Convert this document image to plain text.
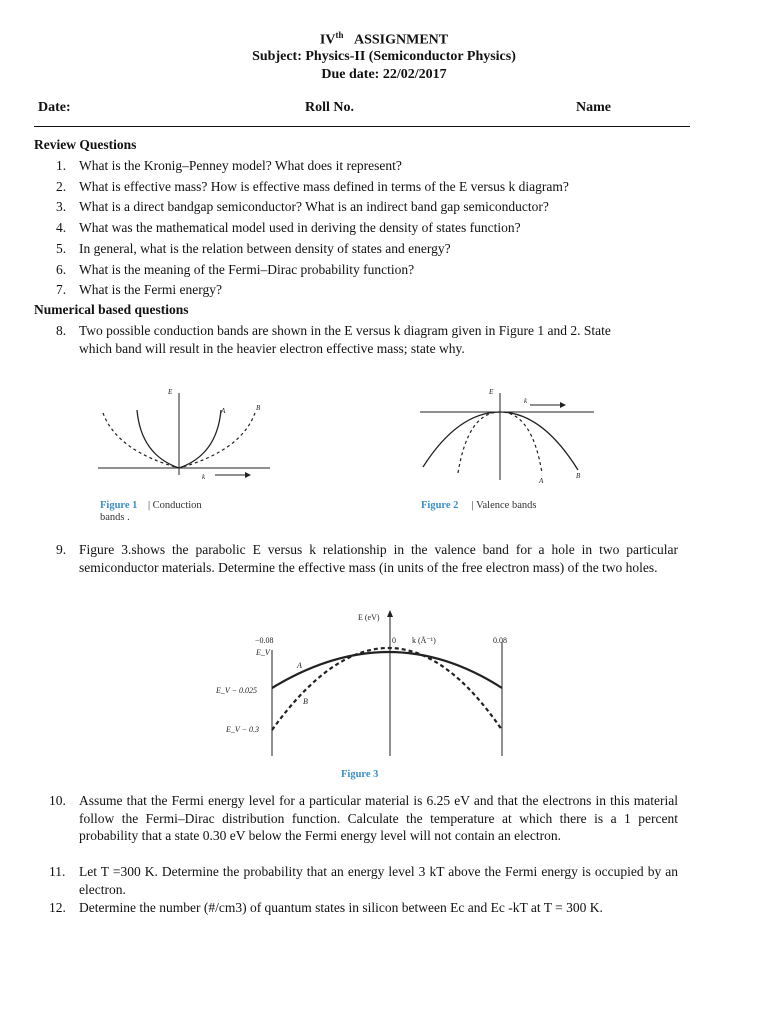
IVth ASSIGNMENT
Subject: Physics-II (Semiconductor Physics)
Due date: 22/02/2017
Date:	Roll No.	Name
Review Questions
1. What is the Kronig–Penney model? What does it represent?
2. What is effective mass? How is effective mass defined in terms of the E versus k diagram?
3. What is a direct bandgap semiconductor? What is an indirect band gap semiconductor?
4. What was the mathematical model used in deriving the density of states function?
5. In general, what is the relation between density of states and energy?
6. What is the meaning of the Fermi–Dirac probability function?
7. What is the Fermi energy?
Numerical based questions
8. Two possible conduction bands are shown in the E versus k diagram given in Figure 1 and 2. State
which band will result in the heavier electron effective mass; state why.
E
A	B
k
Figure 1 | Conduction
bands .
E
k
A
B
Figure 2 | Valence bands
9. Figure 3.shows the parabolic E versus k relationship in the valence band for a hole in two particular semiconductor materials. Determine the effective mass (in units of the free electron mass) of the two holes.
E (eV)
0 k (Å⁻¹)
−0.08	0.08
E_V
E_V − 0.025
E_V − 0.3
A
B
Figure 3
10. Assume that the Fermi energy level for a particular material is 6.25 eV and that the electrons in this material follow the Fermi–Dirac distribution function. Calculate the temperature at which there is a 1 percent probability that a state 0.30 eV below the Fermi energy level will not contain an electron.
11. Let T =300 K. Determine the probability that an energy level 3 kT above the Fermi energy is occupied by an electron.
12. Determine the number (#/cm3) of quantum states in silicon between Ec and Ec -kT at T = 300 K.
